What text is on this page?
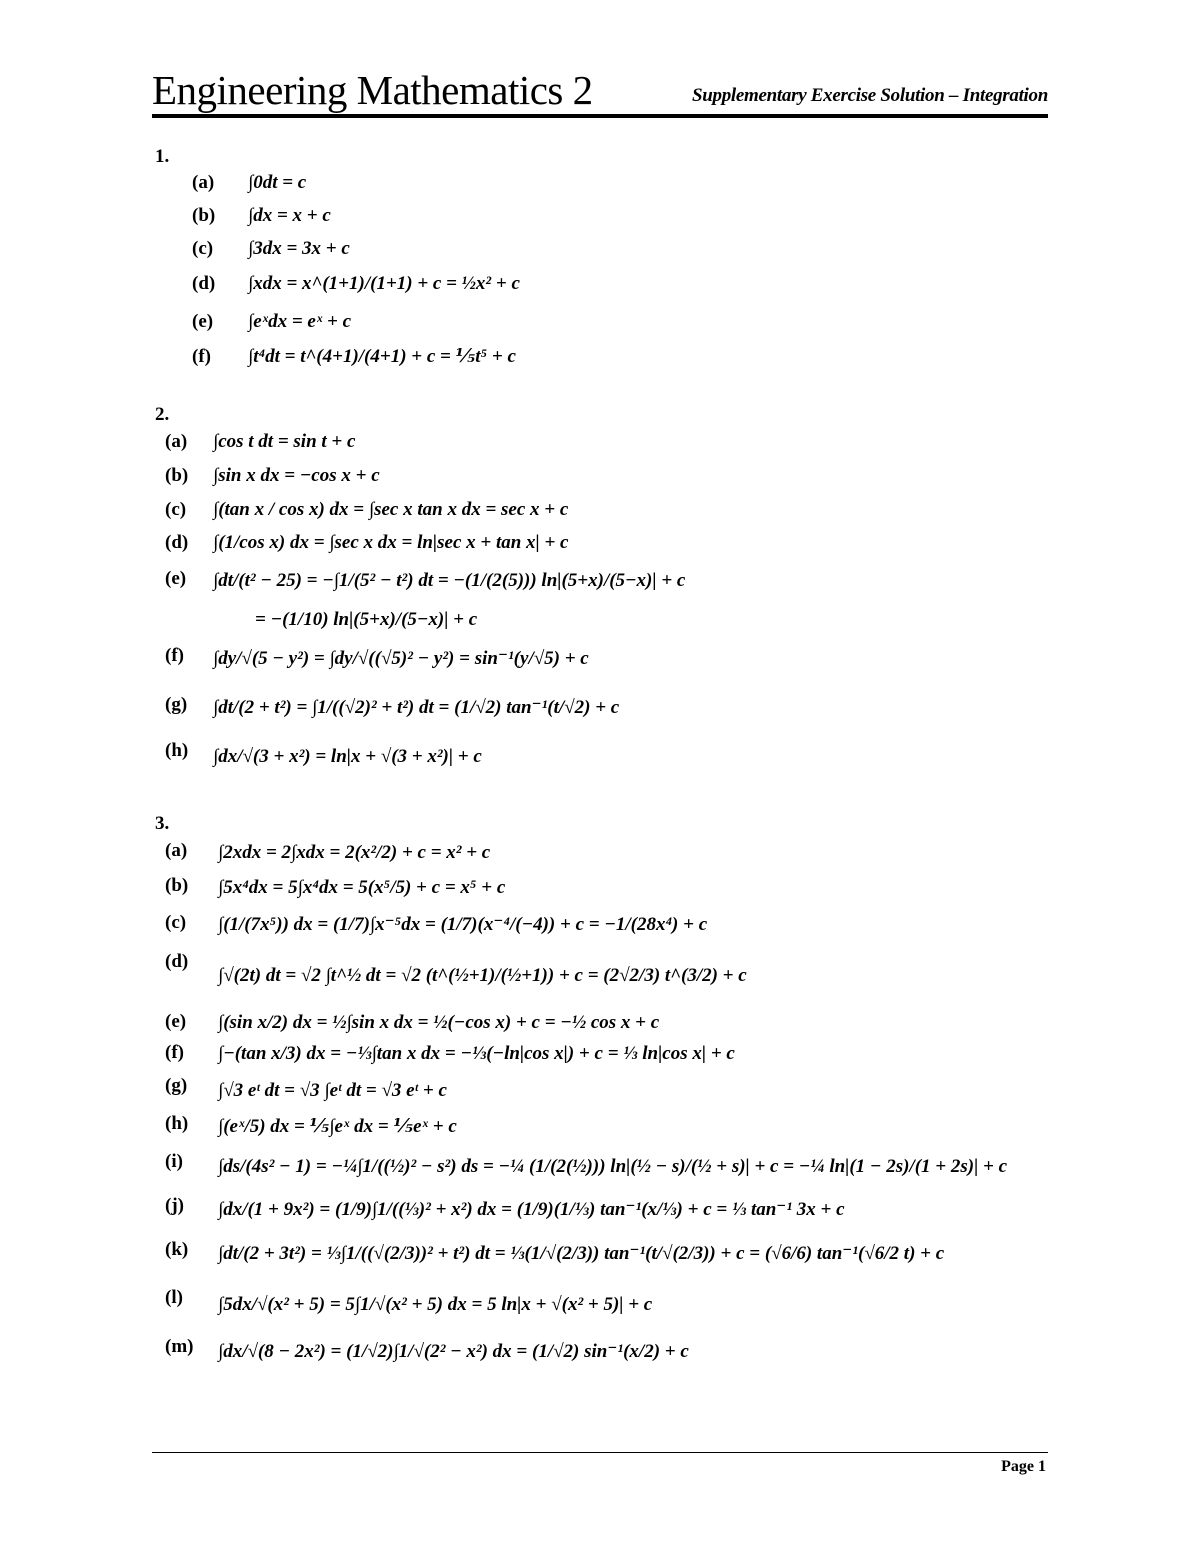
Engineering Mathematics 2	Supplementary Exercise Solution – Integration
1.
(a) ∫0dt = c
(b) ∫dx = x + c
(c) ∫3dx = 3x + c
(d) ∫xdx = x^(1+1)/(1+1) + c = ½x² + c
(e) ∫eˣdx = eˣ + c
(f) ∫t⁴dt = t^(4+1)/(4+1) + c = ⅕t⁵ + c
2.
(a) ∫cos t dt = sin t + c
(b) ∫sin x dx = −cos x + c
(c) ∫(tan x / cos x) dx = ∫sec x tan x dx = sec x + c
(d) ∫(1/cos x) dx = ∫sec x dx = ln|sec x + tan x| + c
(e) ∫dt/(t² − 25) = −∫1/(5² − t²) dt = −(1/(2(5))) ln|(5+x)/(5−x)| + c
= −(1/10) ln|(5+x)/(5−x)| + c
(f) ∫dy/√(5 − y²) = ∫dy/√((√5)² − y²) = sin⁻¹(y/√5) + c
(g) ∫dt/(2 + t²) = ∫1/((√2)² + t²) dt = (1/√2) tan⁻¹(t/√2) + c
(h) ∫dx/√(3 + x²) = ln|x + √(3 + x²)| + c
3.
(a) ∫2xdx = 2∫xdx = 2(x²/2) + c = x² + c
(b) ∫5x⁴dx = 5∫x⁴dx = 5(x⁵/5) + c = x⁵ + c
(c) ∫(1/(7x⁵)) dx = (1/7)∫x⁻⁵dx = (1/7)(x⁻⁴/(−4)) + c = −1/(28x⁴) + c
(d)
∫√(2t) dt = √2 ∫t^½ dt = √2 (t^(½+1)/(½+1)) + c = (2√2/3) t^(3/2) + c
(e) ∫(sin x/2) dx = ½∫sin x dx = ½(−cos x) + c = −½ cos x + c
(f) ∫−(tan x/3) dx = −⅓∫tan x dx = −⅓(−ln|cos x|) + c = ⅓ ln|cos x| + c
(g) ∫√3 eᵗ dt = √3 ∫eᵗ dt = √3 eᵗ + c
(h) ∫(eˣ/5) dx = ⅕∫eˣ dx = ⅕eˣ + c
(i) ∫ds/(4s² − 1) = −¼∫1/((½)² − s²) ds = −¼ (1/(2(½))) ln|(½ − s)/(½ + s)| + c = −¼ ln|(1 − 2s)/(1 + 2s)| + c
(j) ∫dx/(1 + 9x²) = (1/9)∫1/((⅓)² + x²) dx = (1/9)(1/⅓) tan⁻¹(x/⅓) + c = ⅓ tan⁻¹ 3x + c
(k) ∫dt/(2 + 3t²) = ⅓∫1/((√(2/3))² + t²) dt = ⅓(1/√(2/3)) tan⁻¹(t/√(2/3)) + c = (√6/6) tan⁻¹(√6/2 t) + c
(l) ∫5dx/√(x² + 5) = 5∫1/√(x² + 5) dx = 5 ln|x + √(x² + 5)| + c
(m) ∫dx/√(8 − 2x²) = (1/√2)∫1/√(2² − x²) dx = (1/√2) sin⁻¹(x/2) + c
Page 1
